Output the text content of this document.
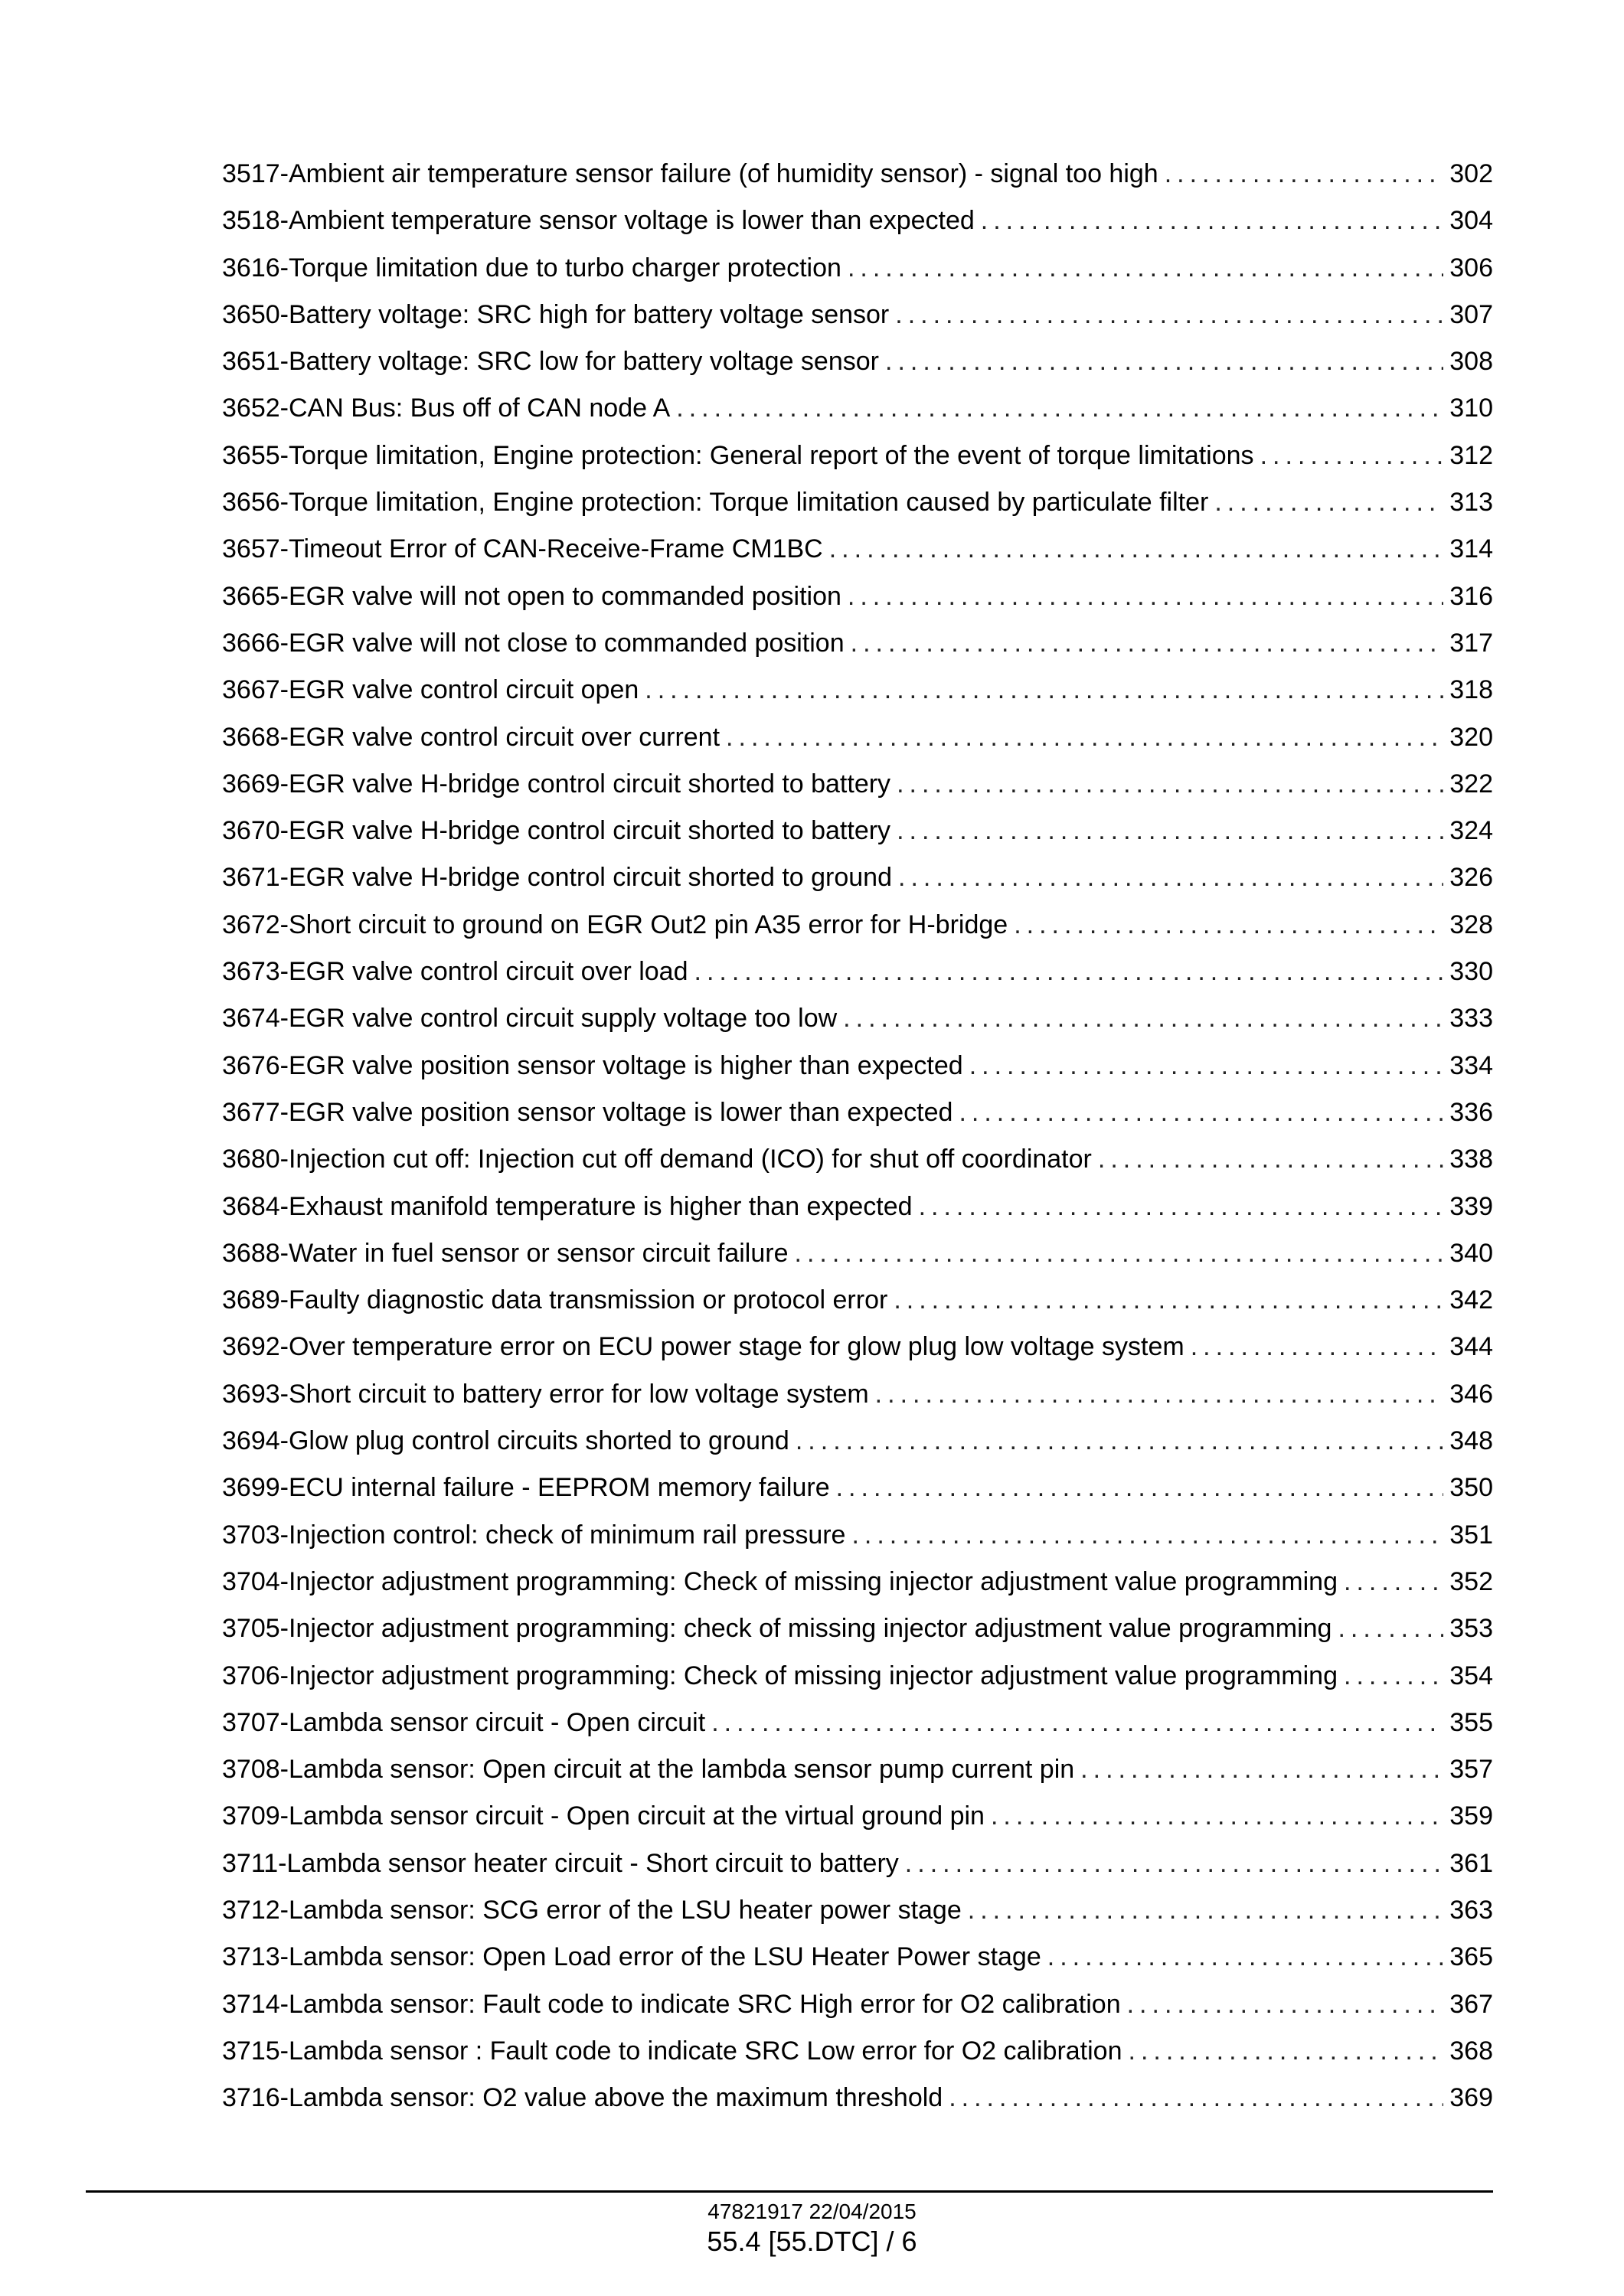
3517-Ambient air temperature sensor failure (of humidity sensor) - signal too high .....	302
3518-Ambient temperature sensor voltage is lower than expected .....	304
3616-Torque limitation due to turbo charger protection .....	306
3650-Battery voltage: SRC high for battery voltage sensor .....	307
3651-Battery voltage: SRC low for battery voltage sensor .....	308
3652-CAN Bus: Bus off of CAN node A .....	310
3655-Torque limitation, Engine protection: General report of the event of torque limitations .....	312
3656-Torque limitation, Engine protection: Torque limitation caused by particulate filter .....	313
3657-Timeout Error of CAN-Receive-Frame CM1BC .....	314
3665-EGR valve will not open to commanded position .....	316
3666-EGR valve will not close to commanded position .....	317
3667-EGR valve control circuit open .....	318
3668-EGR valve control circuit over current .....	320
3669-EGR valve H-bridge control circuit shorted to battery .....	322
3670-EGR valve H-bridge control circuit shorted to battery .....	324
3671-EGR valve H-bridge control circuit shorted to ground .....	326
3672-Short circuit to ground on EGR Out2 pin A35 error for H-bridge .....	328
3673-EGR valve control circuit over load .....	330
3674-EGR valve control circuit supply voltage too low .....	333
3676-EGR valve position sensor voltage is higher than expected .....	334
3677-EGR valve position sensor voltage is lower than expected .....	336
3680-Injection cut off: Injection cut off demand (ICO) for shut off coordinator .....	338
3684-Exhaust manifold temperature is higher than expected .....	339
3688-Water in fuel sensor or sensor circuit failure .....	340
3689-Faulty diagnostic data transmission or protocol error .....	342
3692-Over temperature error on ECU power stage for glow plug low voltage system .....	344
3693-Short circuit to battery error for low voltage system .....	346
3694-Glow plug control circuits shorted to ground .....	348
3699-ECU internal failure - EEPROM memory failure .....	350
3703-Injection control: check of minimum rail pressure .....	351
3704-Injector adjustment programming: Check of missing injector adjustment value programming .....	352
3705-Injector adjustment programming: check of missing injector adjustment value programming .....	353
3706-Injector adjustment programming: Check of missing injector adjustment value programming .....	354
3707-Lambda sensor circuit - Open circuit .....	355
3708-Lambda sensor: Open circuit at the lambda sensor pump current pin .....	357
3709-Lambda sensor circuit - Open circuit at the virtual ground pin .....	359
3711-Lambda sensor heater circuit - Short circuit to battery .....	361
3712-Lambda sensor: SCG error of the LSU heater power stage .....	363
3713-Lambda sensor: Open Load error of the LSU Heater Power stage .....	365
3714-Lambda sensor: Fault code to indicate SRC High error for O2 calibration .....	367
3715-Lambda sensor : Fault code to indicate SRC Low error for O2 calibration .....	368
3716-Lambda sensor: O2 value above the maximum threshold .....	369
47821917 22/04/2015
55.4 [55.DTC] / 6
